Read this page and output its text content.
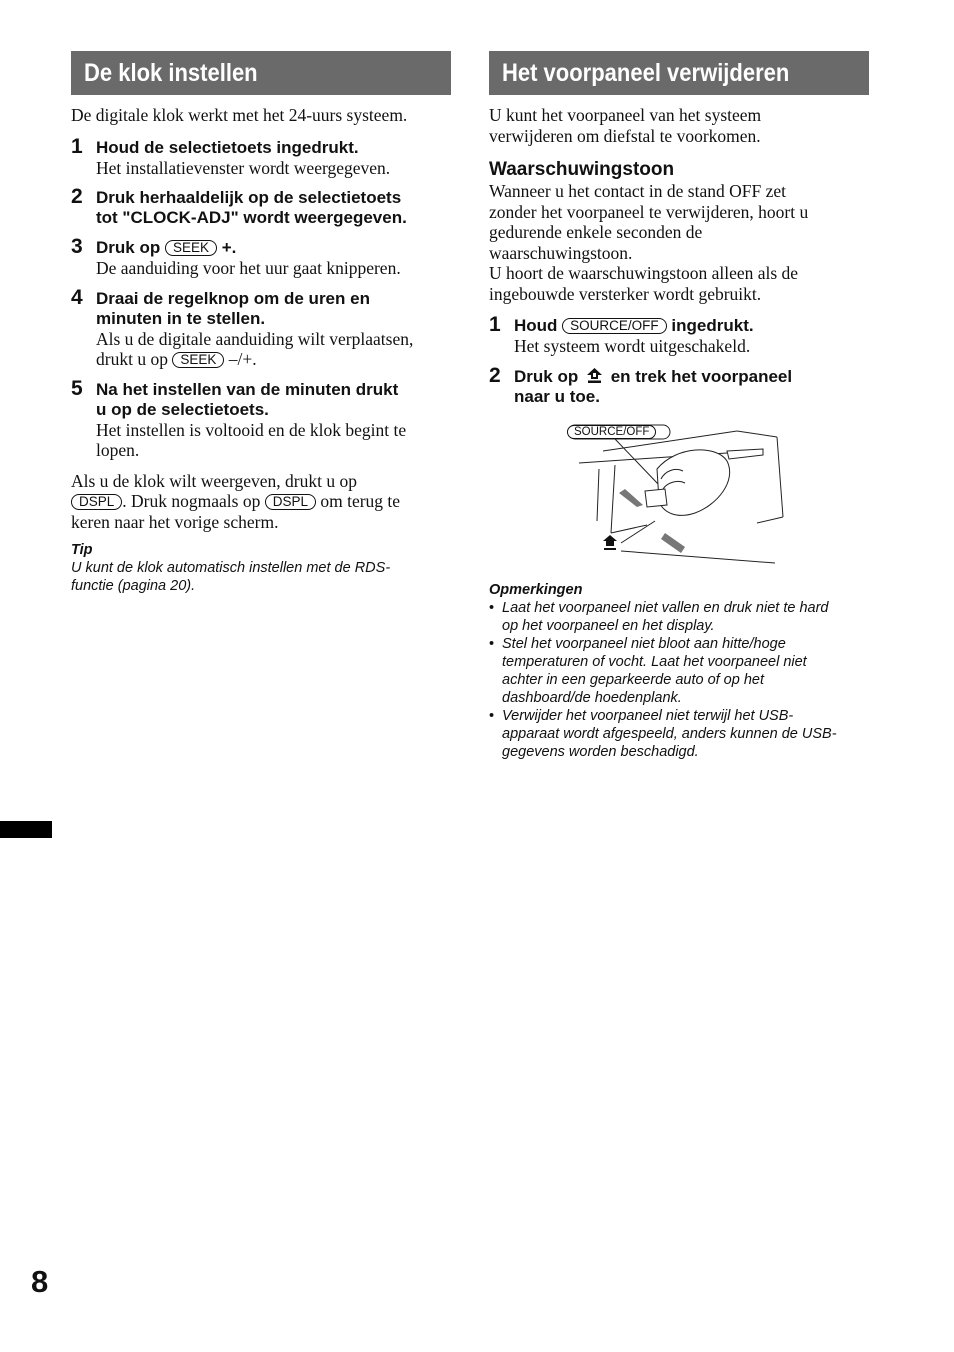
De klok instellen

De digitale klok werkt met het 24-uurs systeem.

1 Houd de selectietoets ingedrukt.
Het installatievenster wordt weergegeven.
2 Druk herhaaldelijk op de selectietoets
tot "CLOCK-ADJ" wordt weergegeven.
3 Druk op SEEK +.
De aanduiding voor het uur gaat knipperen.
4 Draai de regelknop om de uren en
minuten in te stellen.
Als u de digitale aanduiding wilt verplaatsen,
drukt u op SEEK –/+.
5 Na het instellen van de minuten drukt
u op de selectietoets.
Het instellen is voltooid en de klok begint te
lopen.
Als u de klok wilt weergeven, drukt u op
DSPL . Druk nogmaals op DSPL om terug te
keren naar het vorige scherm.
Tip
U kunt de klok automatisch instellen met de RDS-
functie (pagina 20).
Het voorpaneel verwijderen
U kunt het voorpaneel van het systeem
verwijderen om diefstal te voorkomen.
Waarschuwingstoon
Wanneer u het contact in de stand OFF zet
zonder het voorpaneel te verwijderen, hoort u
gedurende enkele seconden de
waarschuwingstoon.
U hoort de waarschuwingstoon alleen als de
ingebouwde versterker wordt gebruikt.
1 Houd SOURCE/OFF ingedrukt.
Het systeem wordt uitgeschakeld.
2 Druk op en trek het voorpaneel
naar u toe.
SOURCE/OFF
Opmerkingen
• Laat het voorpaneel niet vallen en druk niet te hard
op het voorpaneel en het display.
• Stel het voorpaneel niet bloot aan hitte/hoge
temperaturen of vocht. Laat het voorpaneel niet
achter in een geparkeerde auto of op het
dashboard/de hoedenplank.
• Verwijder het voorpaneel niet terwijl het USB-
apparaat wordt afgespeeld, anders kunnen de USB-
gegevens worden beschadigd.
8
